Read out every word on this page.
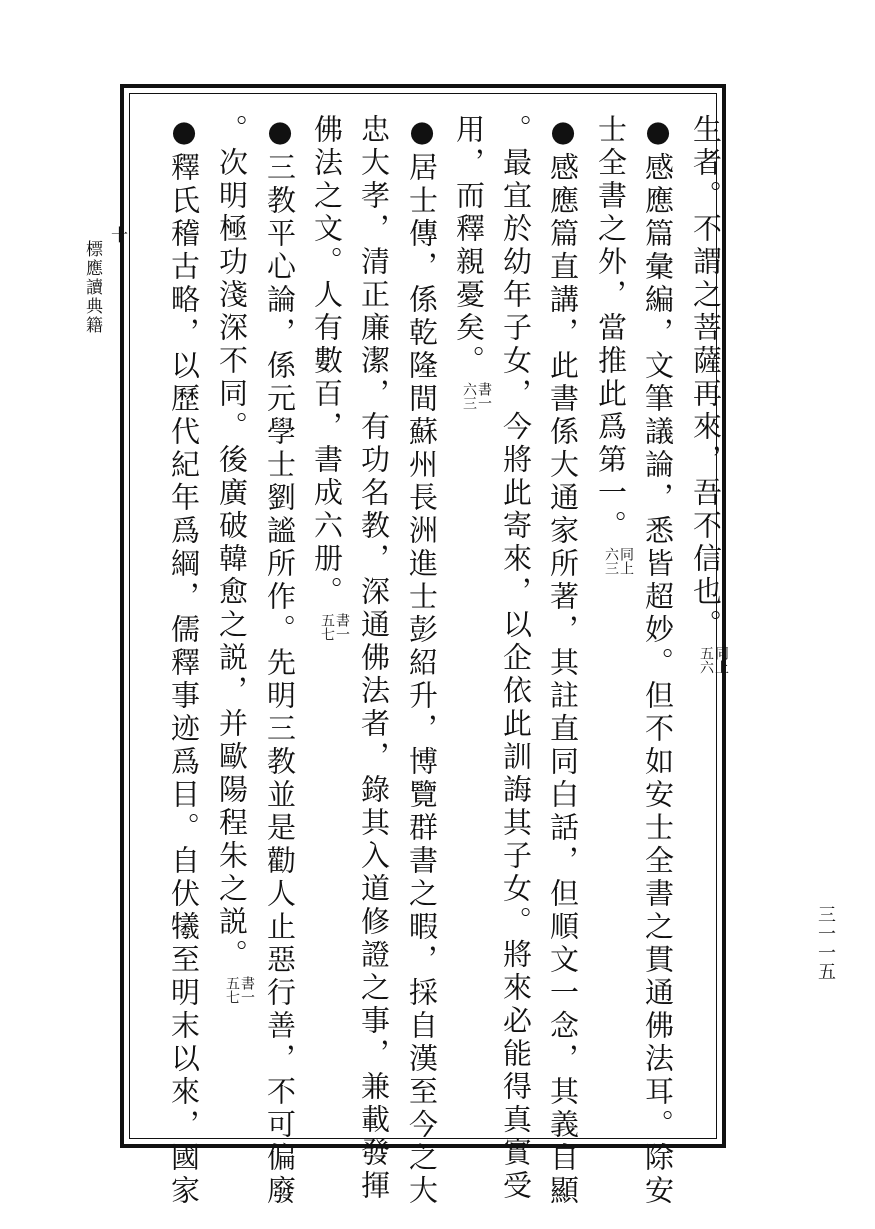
十
標應讀典籍
三一一五
生者。不謂之菩薩再來，吾不信也。
同上
五六
●感應篇彙編，文筆議論，悉皆超妙。但不如安士全書之貫通佛法耳。除安
士全書之外，當推此爲第一。
同上
六三
●感應篇直講，此書係大通家所著，其註直同白話，但順文一念，其義自顯
。最宜於幼年子女，今將此寄來，以企依此訓誨其子女。將來必能得真實受
用，而釋親憂矣。
書一
六三
●居士傳，係乾隆間蘇州長洲進士彭紹升，博覽群書之暇，採自漢至今之大
忠大孝，清正廉潔，有功名教，深通佛法者，錄其入道修證之事，兼載發揮
佛法之文。人有數百，書成六册。
書一
五七
●三教平心論，係元學士劉謐所作。先明三教並是勸人止惡行善，不可偏廢
。次明極功淺深不同。後廣破韓愈之説，并歐陽程朱之説。
書一
五七
●釋氏稽古略，以歷代紀年爲綱，儒釋事迹爲目。自伏犧至明末以來，國家
